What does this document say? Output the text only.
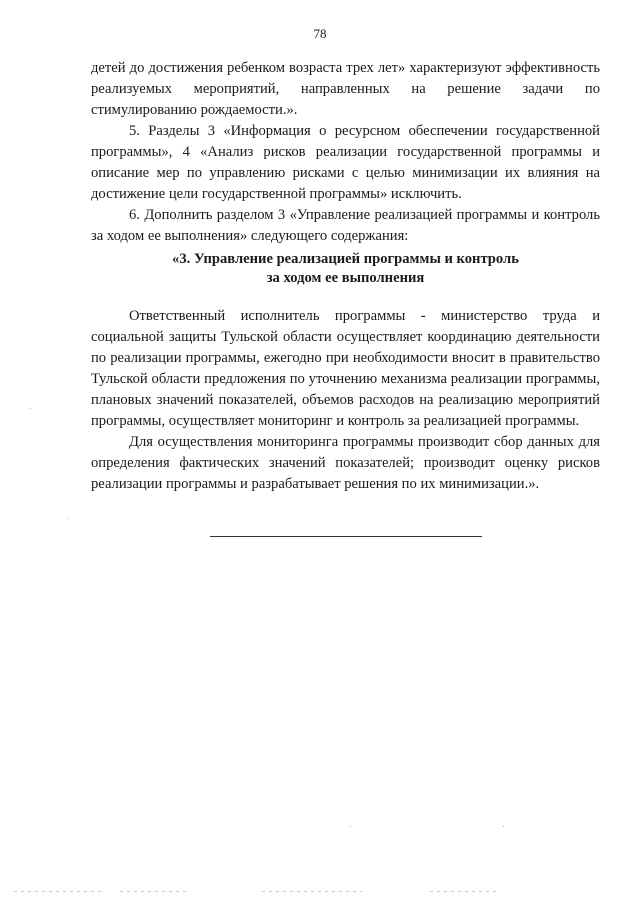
78

детей до достижения ребенком возраста трех лет» характеризуют эффективность реализуемых мероприятий, направленных на решение задачи по стимулированию рождаемости.».

5. Разделы 3 «Информация о ресурсном обеспечении государственной программы», 4 «Анализ рисков реализации государственной программы и описание мер по управлению рисками с целью минимизации их влияния на достижение цели государственной программы» исключить.

6. Дополнить разделом 3 «Управление реализацией программы и контроль за ходом ее выполнения» следующего содержания:

«3. Управление реализацией программы и контроль
за ходом ее выполнения

Ответственный исполнитель программы - министерство труда и социальной защиты Тульской области осуществляет координацию деятельности по реализации программы, ежегодно при необходимости вносит в правительство Тульской области предложения по уточнению механизма реализации программы, плановых значений показателей, объемов расходов на реализацию мероприятий программы, осуществляет мониторинг и контроль за реализацией программы.

Для осуществления мониторинга программы производит сбор данных для определения фактических значений показателей; производит оценку рисков реализации программы и разрабатывает решения по их минимизации.».
